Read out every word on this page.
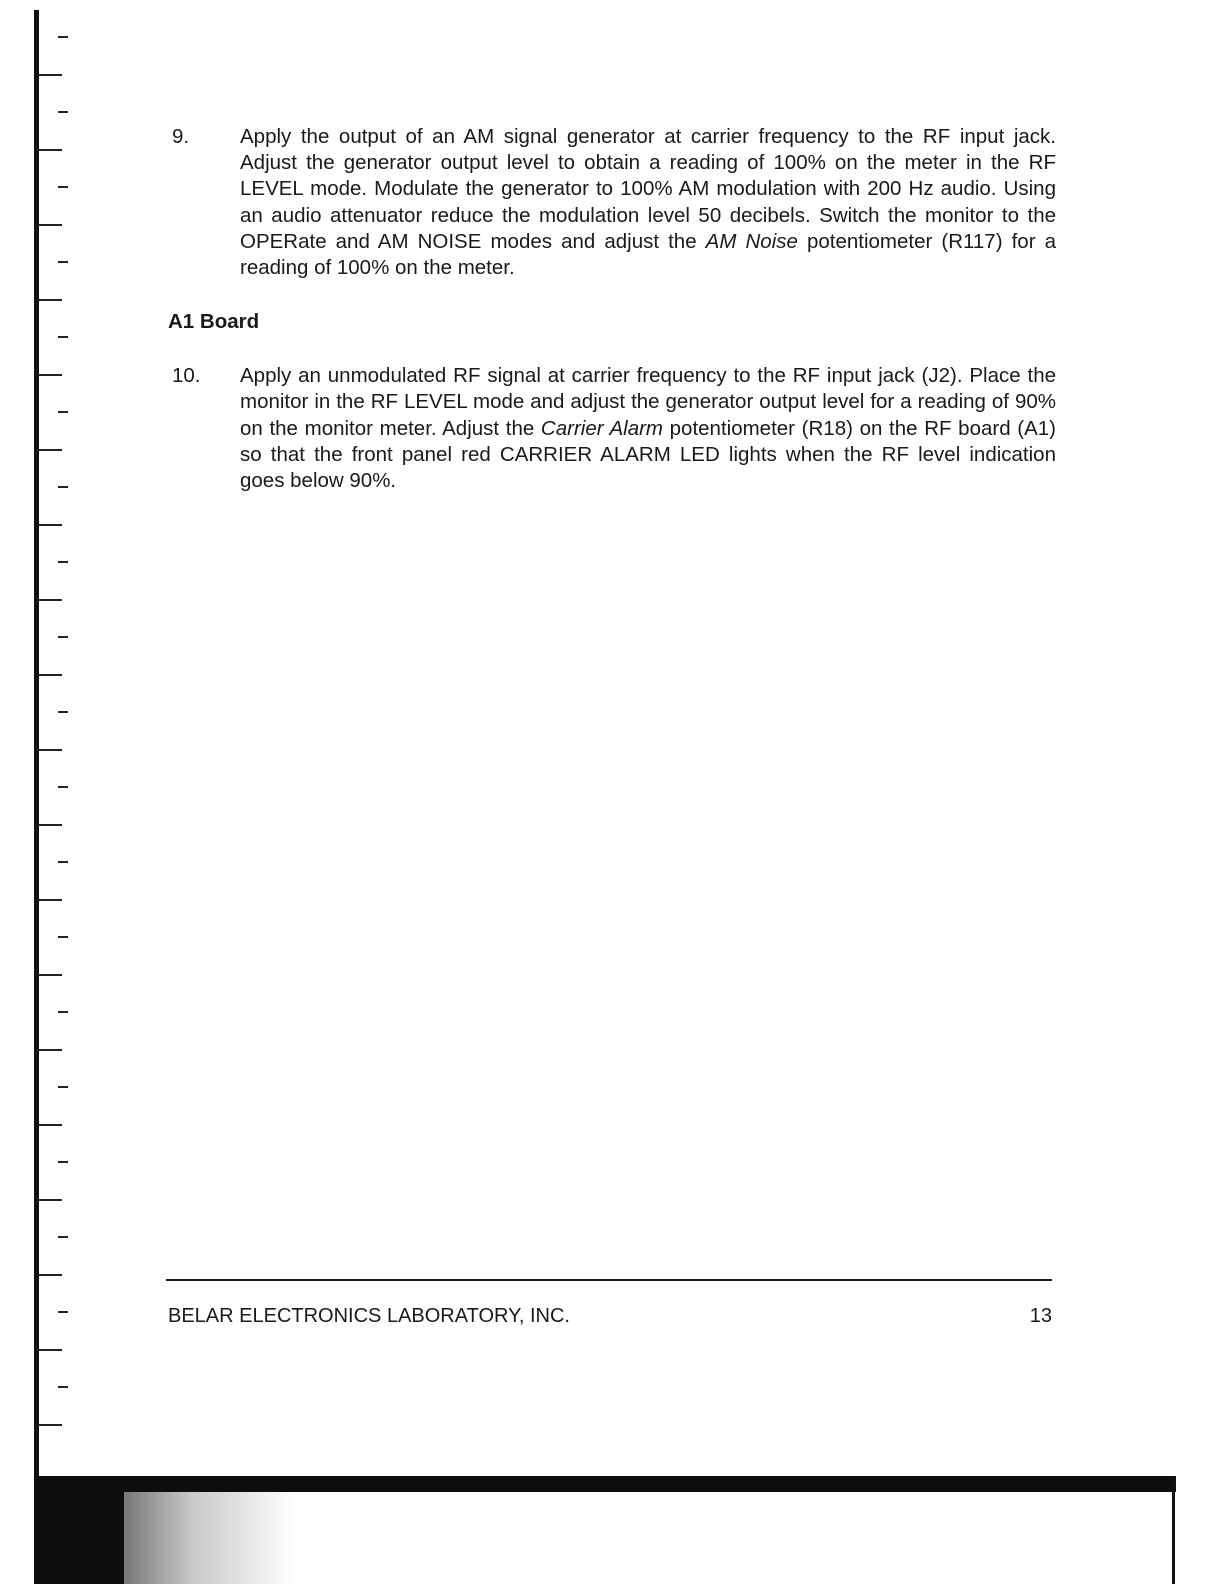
9. Apply the output of an AM signal generator at carrier frequency to the RF input jack. Adjust the generator output level to obtain a reading of 100% on the meter in the RF LEVEL mode. Modulate the generator to 100% AM modulation with 200 Hz audio. Using an audio attenuator reduce the modulation level 50 decibels. Switch the monitor to the OPERate and AM NOISE modes and adjust the AM Noise potentiometer (R117) for a reading of 100% on the meter.

A1 Board

10. Apply an unmodulated RF signal at carrier frequency to the RF input jack (J2). Place the monitor in the RF LEVEL mode and adjust the generator output level for a reading of 90% on the monitor meter. Adjust the Carrier Alarm potentiometer (R18) on the RF board (A1) so that the front panel red CARRIER ALARM LED lights when the RF level indication goes below 90%.

BELAR ELECTRONICS LABORATORY, INC.	13
